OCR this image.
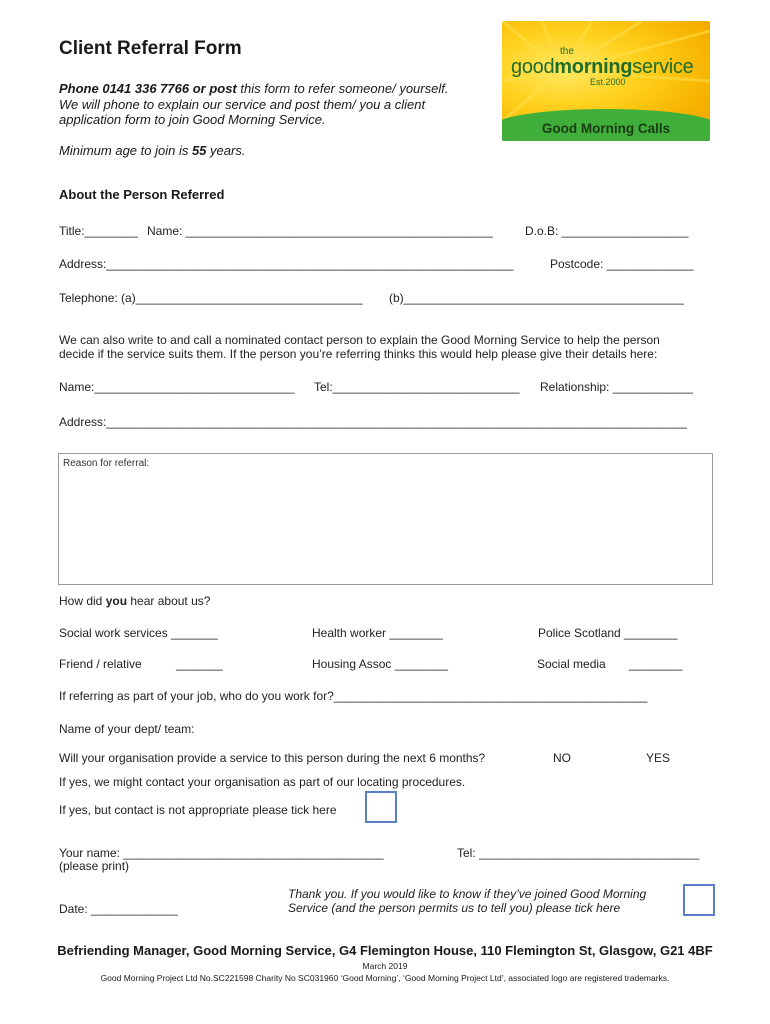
Client Referral Form
Phone 0141 336 7766 or post this form to refer someone/ yourself.
We will phone to explain our service and post them/ you a client
application form to join Good Morning Service.
Minimum age to join is 55 years.
the
goodmorningservice
Est.2000
Good Morning Calls
About the Person Referred
Title:________ Name: ______________________________________________	D.o.B: ___________________
Address:_____________________________________________________________	Postcode: _____________
Telephone: (a)__________________________________ (b)__________________________________________
We can also write to and call a nominated contact person to explain the Good Morning Service to help the person
decide if the service suits them. If the person you’re referring thinks this would help please give their details here:
Name:______________________________ Tel:____________________________ Relationship: ____________
Address:_______________________________________________________________________________________
Reason for referral:
How did you hear about us?
Social work services _______	Health worker ________	Police Scotland ________
Friend / relative	_______	Housing Assoc ________	Social media ________
If referring as part of your job, who do you work for?_______________________________________________
Name of your dept/ team:
Will your organisation provide a service to this person during the next 6 months?	NO	YES
If yes, we might contact your organisation as part of our locating procedures.
If yes, but contact is not appropriate please tick here
Your name: _______________________________________
(please print)
Tel: _________________________________
Date: _____________
Thank you. If you would like to know if they’ve joined Good Morning
Service (and the person permits us to tell you) please tick here
Befriending Manager, Good Morning Service, G4 Flemington House, 110 Flemington St, Glasgow, G21 4BF
March 2019
Good Morning Project Ltd No.SC221598 Charity No SC031960 ‘Good Morning’, ‘Good Morning Project Ltd’, associated logo are registered trademarks.
